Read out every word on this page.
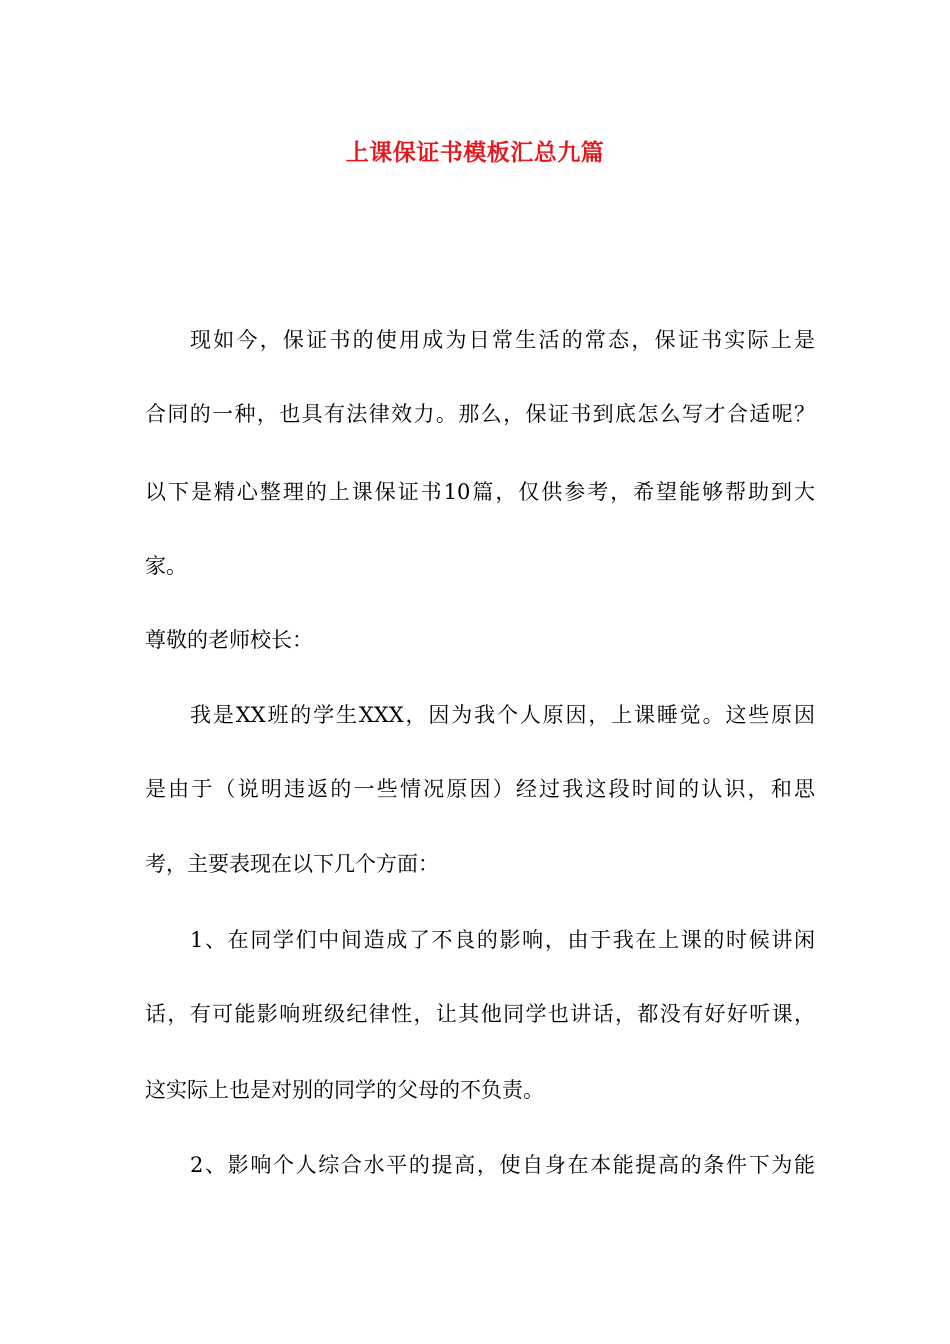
上课保证书模板汇总九篇
现如今，保证书的使用成为日常生活的常态，保证书实际上是
合同的一种，也具有法律效力。那么，保证书到底怎么写才合适呢？
以下是精心整理的上课保证书10篇，仅供参考，希望能够帮助到大
家。
尊敬的老师校长：
我是XX班的学生XXX，因为我个人原因，上课睡觉。这些原因
是由于（说明违返的一些情况原因）经过我这段时间的认识，和思
考，主要表现在以下几个方面：
1、在同学们中间造成了不良的影响，由于我在上课的时候讲闲
话，有可能影响班级纪律性，让其他同学也讲话，都没有好好听课，
这实际上也是对别的同学的父母的不负责。
2、影响个人综合水平的提高，使自身在本能提高的条件下为能
